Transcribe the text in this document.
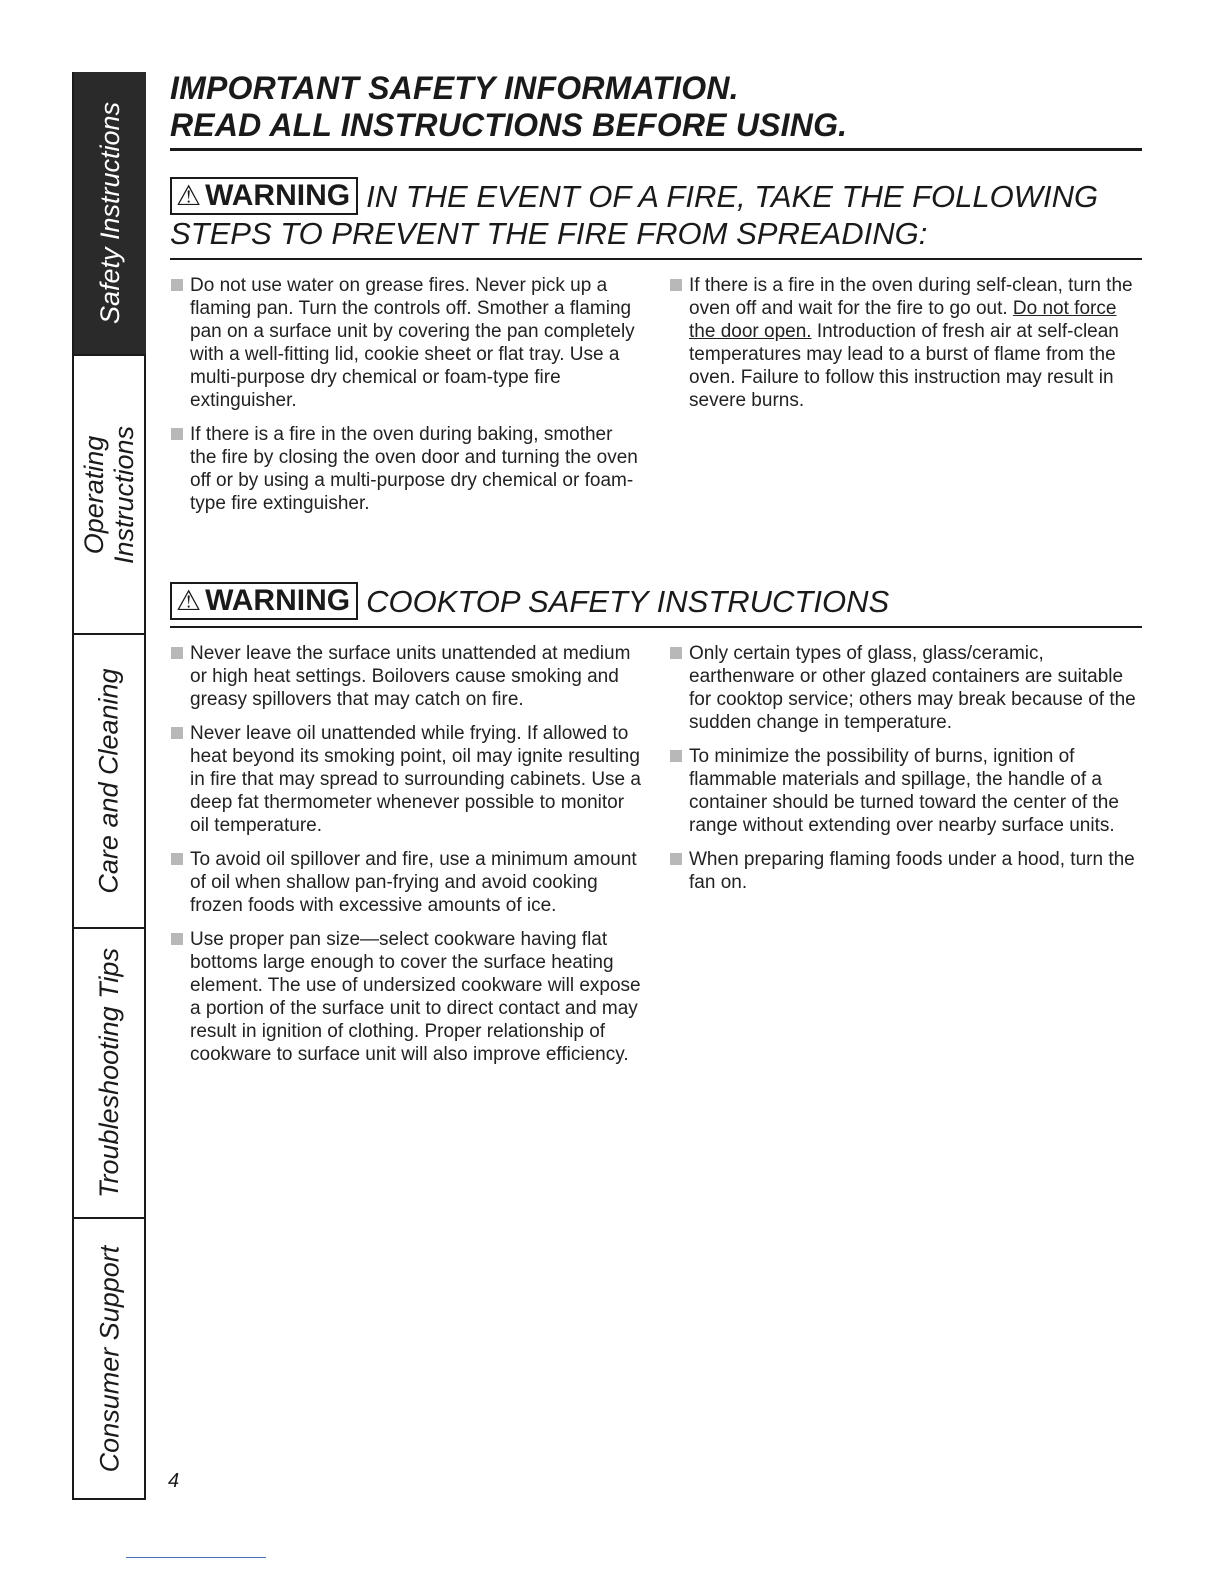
Safety Instructions
Operating Instructions
Care and Cleaning
Troubleshooting Tips
Consumer Support
IMPORTANT SAFETY INFORMATION.
READ ALL INSTRUCTIONS BEFORE USING.
⚠ WARNING IN THE EVENT OF A FIRE, TAKE THE FOLLOWING STEPS TO PREVENT THE FIRE FROM SPREADING:
Do not use water on grease fires. Never pick up a flaming pan. Turn the controls off. Smother a flaming pan on a surface unit by covering the pan completely with a well-fitting lid, cookie sheet or flat tray. Use a multi-purpose dry chemical or foam-type fire extinguisher.
If there is a fire in the oven during baking, smother the fire by closing the oven door and turning the oven off or by using a multi-purpose dry chemical or foam-type fire extinguisher.
If there is a fire in the oven during self-clean, turn the oven off and wait for the fire to go out. Do not force the door open. Introduction of fresh air at self-clean temperatures may lead to a burst of flame from the oven. Failure to follow this instruction may result in severe burns.
⚠ WARNING COOKTOP SAFETY INSTRUCTIONS
Never leave the surface units unattended at medium or high heat settings. Boilovers cause smoking and greasy spillovers that may catch on fire.
Never leave oil unattended while frying. If allowed to heat beyond its smoking point, oil may ignite resulting in fire that may spread to surrounding cabinets. Use a deep fat thermometer whenever possible to monitor oil temperature.
To avoid oil spillover and fire, use a minimum amount of oil when shallow pan-frying and avoid cooking frozen foods with excessive amounts of ice.
Use proper pan size—select cookware having flat bottoms large enough to cover the surface heating element. The use of undersized cookware will expose a portion of the surface unit to direct contact and may result in ignition of clothing. Proper relationship of cookware to surface unit will also improve efficiency.
Only certain types of glass, glass/ceramic, earthenware or other glazed containers are suitable for cooktop service; others may break because of the sudden change in temperature.
To minimize the possibility of burns, ignition of flammable materials and spillage, the handle of a container should be turned toward the center of the range without extending over nearby surface units.
When preparing flaming foods under a hood, turn the fan on.
4
